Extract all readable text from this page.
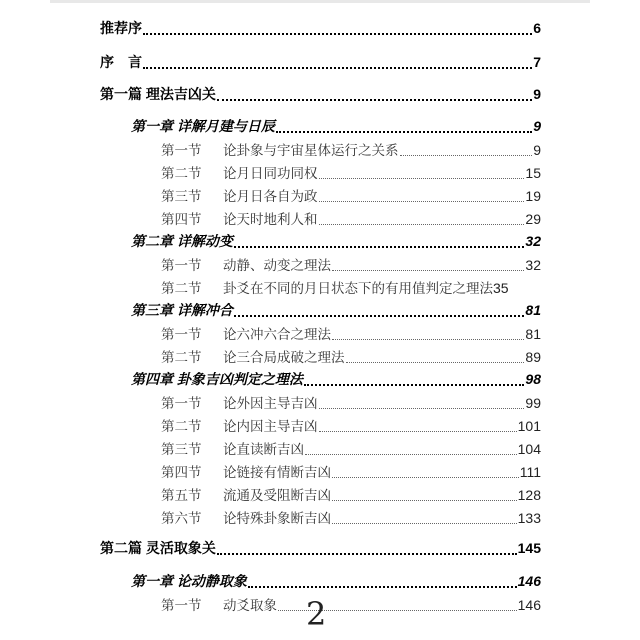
推荐序	6
序　言	7
第一篇 理法吉凶关	9
第一章 详解月建与日辰	9
第一节 论卦象与宇宙星体运行之关系	9
第二节 论月日同功同权	15
第三节 论月日各自为政	19
第四节 论天时地利人和	29
第二章 详解动变	32
第一节 动静、动变之理法	32
第二节 卦爻在不同的月日状态下的有用值判定之理法 35
第三章 详解冲合	81
第一节 论六冲六合之理法	81
第二节 论三合局成破之理法	89
第四章 卦象吉凶判定之理法	98
第一节 论外因主导吉凶	99
第二节 论内因主导吉凶	101
第三节 论直读断吉凶	104
第四节 论链接有情断吉凶	111
第五节 流通及受阻断吉凶	128
第六节 论特殊卦象断吉凶	133
第二篇 灵活取象关	145
第一章 论动静取象	146
第一节 动爻取象	146
2
